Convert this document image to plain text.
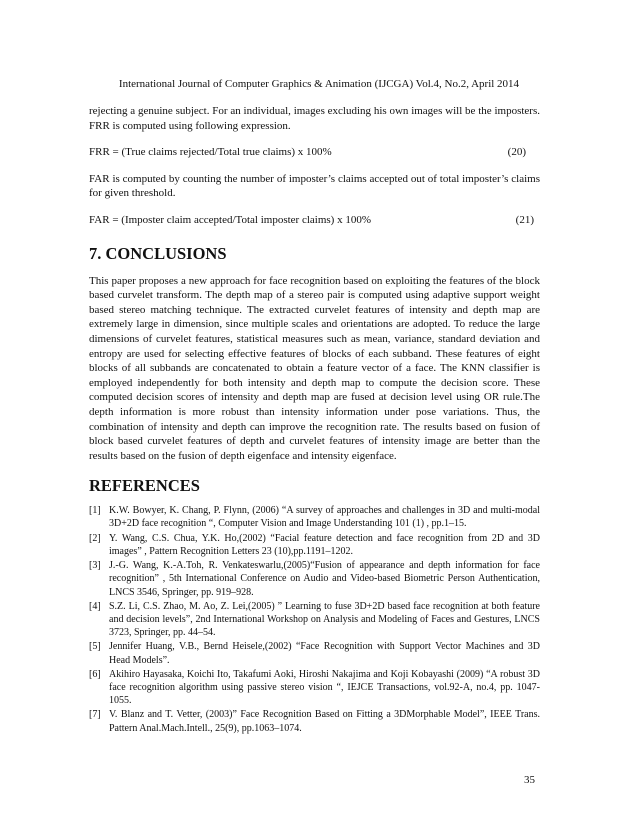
International Journal of Computer Graphics & Animation (IJCGA) Vol.4, No.2, April 2014

rejecting a genuine subject. For an individual, images excluding his own images will be the imposters. FRR is computed using following expression.

FRR = (True claims rejected/Total true claims) x 100%	(20)

FAR is computed by counting the number of imposter’s claims accepted out of total imposter’s claims for given threshold.

FAR = (Imposter claim accepted/Total imposter claims) x 100%	(21)
7. CONCLUSIONS

This paper proposes a new approach for face recognition based on exploiting the features of the block based curvelet transform. The depth map of a stereo pair is computed using adaptive support weight based stereo matching technique. The extracted curvelet features of intensity and depth map are extremely large in dimension, since multiple scales and orientations are adopted. To reduce the large dimensions of curvelet features, statistical measures such as mean, variance, standard deviation and entropy are used for selecting effective features of blocks of each subband. These features of eight blocks of all subbands are concatenated to obtain a feature vector of a face. The KNN classifier is employed independently for both intensity and depth map to compute the decision score. These computed decision scores of intensity and depth map are fused at decision level using OR rule.The depth information is more robust than intensity information under pose variations. Thus, the combination of intensity and depth can improve the recognition rate. The results based on fusion of block based curvelet features of depth and curvelet features of intensity image are better than the results based on the fusion of depth eigenface and intensity eigenface.

REFERENCES
[1] K.W. Bowyer, K. Chang, P. Flynn, (2006) “A survey of approaches and challenges in 3D and multi-modal 3D+2D face recognition “, Computer Vision and Image Understanding 101 (1) , pp.1–15.
[2] Y. Wang, C.S. Chua, Y.K. Ho,(2002) “Facial feature detection and face recognition from 2D and 3D images” , Pattern Recognition Letters 23 (10),pp.1191–1202.
[3] J.-G. Wang, K.-A.Toh, R. Venkateswarlu,(2005)“Fusion of appearance and depth information for face recognition” , 5th International Conference on Audio and Video-based Biometric Person Authentication, LNCS 3546, Springer, pp. 919–928.
[4] S.Z. Li, C.S. Zhao, M. Ao, Z. Lei,(2005) ” Learning to fuse 3D+2D based face recognition at both feature and decision levels”, 2nd International Workshop on Analysis and Modeling of Faces and Gestures, LNCS 3723, Springer, pp. 44–54.
[5] Jennifer Huang, V.B., Bernd Heisele,(2002) “Face Recognition with Support Vector Machines and 3D Head Models”.
[6] Akihiro Hayasaka, Koichi Ito, Takafumi Aoki, Hiroshi Nakajima and Koji Kobayashi (2009) “A robust 3D face recognition algorithm using passive stereo vision “, IEJCE Transactions, vol.92-A, no.4, pp. 1047-1055.
[7] V. Blanz and T. Vetter, (2003)” Face Recognition Based on Fitting a 3DMorphable Model”, IEEE Trans. Pattern Anal.Mach.Intell., 25(9), pp.1063–1074.
35
